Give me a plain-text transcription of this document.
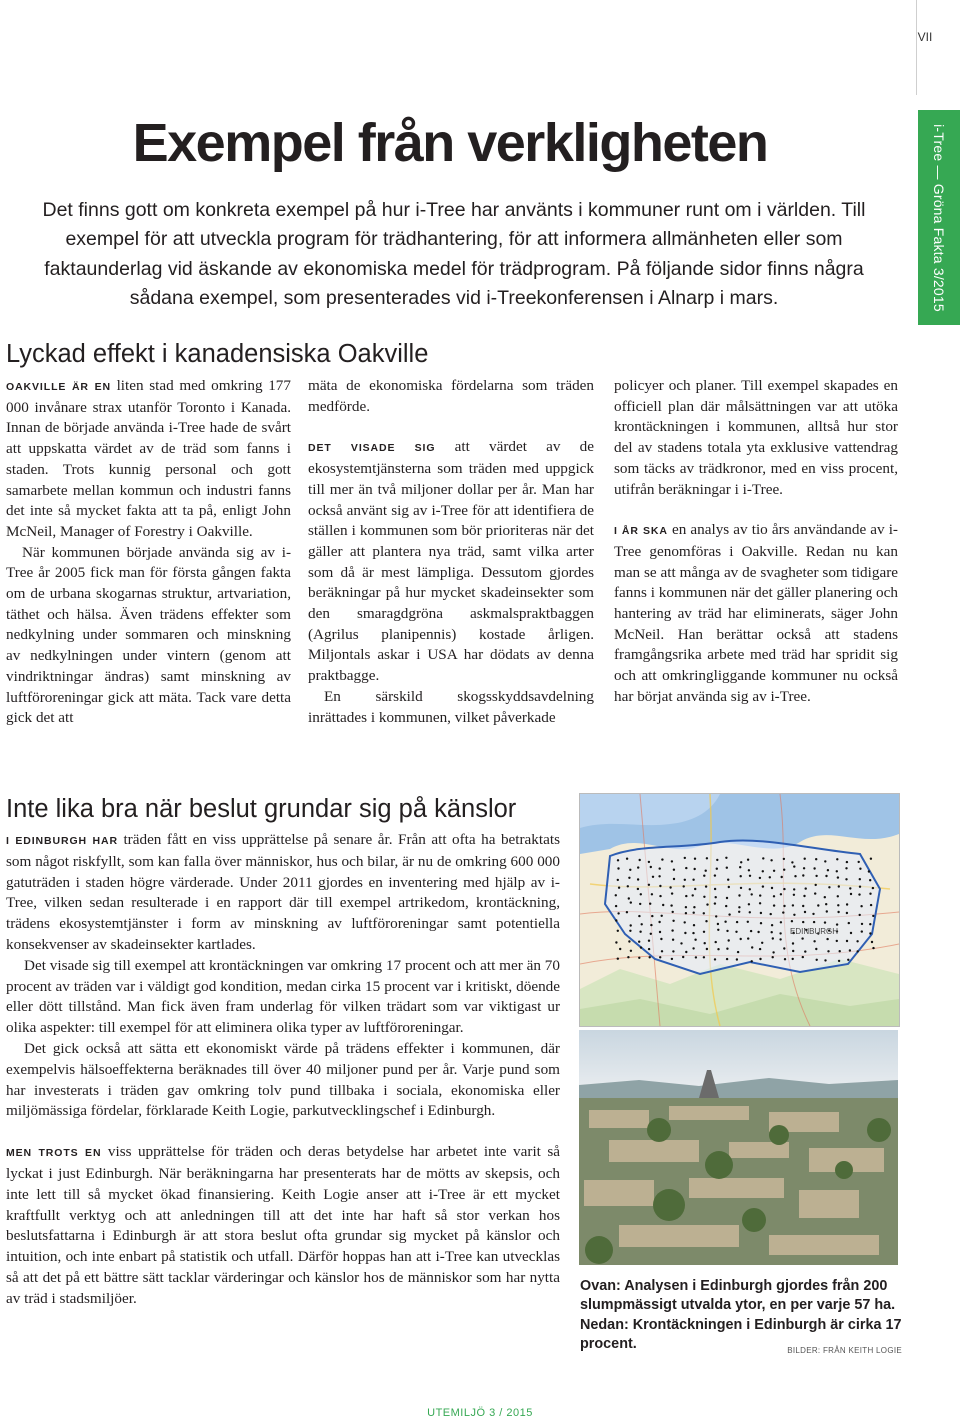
VII
i-Tree — Gröna Fakta 3/2015
Exempel från verkligheten
Det finns gott om konkreta exempel på hur i-Tree har använts i kommuner runt om i världen. Till exempel för att utveckla program för trädhantering, för att informera allmänheten eller som faktaunderlag vid äskande av ekonomiska medel för trädprogram. På följande sidor finns några sådana exempel, som presenterades vid i-Treekonferensen i Alnarp i mars.
Lyckad effekt i kanadensiska Oakville

OAKVILLE ÄR EN liten stad med omkring 177 000 invånare strax utanför Toronto i Kanada. Innan de började använda i-Tree hade de svårt att uppskatta värdet av de träd som fanns i staden. Trots kunnig personal och gott samarbete mellan kommun och industri fanns det inte så mycket fakta att ta på, enligt John McNeil, Manager of Forestry i Oakville.

När kommunen började använda sig av i-Tree år 2005 fick man för första gången fakta om de urbana skogarnas struktur, artvariation, täthet och hälsa. Även trädens effekter som nedkylning under sommaren och minskning av nedkylningen under vintern (genom att vindriktningar ändras) samt minskning av luftföroreningar gick att mäta. Tack vare detta gick det att

mäta de ekonomiska fördelarna som träden medförde.

DET VISADE SIG att värdet av de ekosystemtjänsterna som träden med uppgick till mer än två miljoner dollar per år. Man har också använt sig av i-Tree för att identifiera de ställen i kommunen som bör prioriteras när det gäller att plantera nya träd, samt vilka arter som då är mest lämpliga. Dessutom gjordes beräkningar på hur mycket skadeinsekter som den smaragdgröna askmalspraktbaggen (Agrilus planipennis) kostade årligen. Miljontals askar i USA har dödats av denna praktbagge.

En särskild skogsskyddsavdelning inrättades i kommunen, vilket påverkade

policyer och planer. Till exempel skapades en officiell plan där målsättningen var att utöka krontäckningen i kommunen, alltså hur stor del av stadens totala yta exklusive vattendrag som täcks av trädkronor, med en viss procent, utifrån beräkningar i i-Tree.

I ÅR SKA en analys av tio års användande av i-Tree genomföras i Oakville. Redan nu kan man se att många av de svagheter som tidigare fanns i kommunen när det gäller planering och hantering av träd har eliminerats, säger John McNeil. Han berättar också att stadens framgångsrika arbete med träd har spridit sig och att omkringliggande kommuner nu också har börjat använda sig av i-Tree.

Inte lika bra när beslut grundar sig på känslor

I EDINBURGH HAR träden fått en viss upprättelse på senare år. Från att ofta ha betraktats som något riskfyllt, som kan falla över människor, hus och bilar, är nu de omkring 600 000 gatuträden i staden högre värderade. Under 2011 gjordes en inventering med hjälp av i-Tree, vilken sedan resulterade i en rapport där till exempel artrikedom, krontäckning, trädens ekosystemtjänster i form av minskning av luftföroreningar samt potentiella konsekvenser av skadeinsekter kartlades.

Det visade sig till exempel att krontäckningen var omkring 17 procent och att mer än 70 procent av träden var i väldigt god kondition, medan cirka 15 procent var i kritiskt, döende eller dött tillstånd. Man fick även fram underlag för vilken trädart som var viktigast ur olika aspekter: till exempel för att eliminera olika typer av luftföroreningar.

Det gick också att sätta ett ekonomiskt värde på trädens effekter i kommunen, där exempelvis hälsoeffekterna beräknades till över 40 miljoner pund per år. Varje pund som har investerats i träden gav omkring tolv pund tillbaka i sociala, ekonomiska eller miljömässiga fördelar, förklarade Keith Logie, parkutvecklingschef i Edinburgh.

MEN TROTS EN viss upprättelse för träden och deras betydelse har arbetet inte varit så lyckat i just Edinburgh. När beräkningarna har presenterats har de mötts av skepsis, och inte lett till så mycket ökad finansiering. Keith Logie anser att i-Tree är ett mycket kraftfullt verktyg och att anledningen till att det inte har haft så stor verkan hos beslutsfattarna i Edinburgh är att stora beslut ofta grundar sig mycket på känslor och intuition, och inte enbart på statistik och utfall. Därför hoppas han att i-Tree kan utvecklas så att det på ett bättre sätt tacklar värderingar och känslor hos de människor som har nytta av träd i stadsmiljöer.

EDINBURGH
Ovan: Analysen i Edinburgh gjordes från 200 slumpmässigt utvalda ytor, en per varje 57 ha. Nedan: Krontäckningen i Edinburgh är cirka 17 procent.	BILDER: FRÅN KEITH LOGIE
UTEMILJÖ 3 / 2015
